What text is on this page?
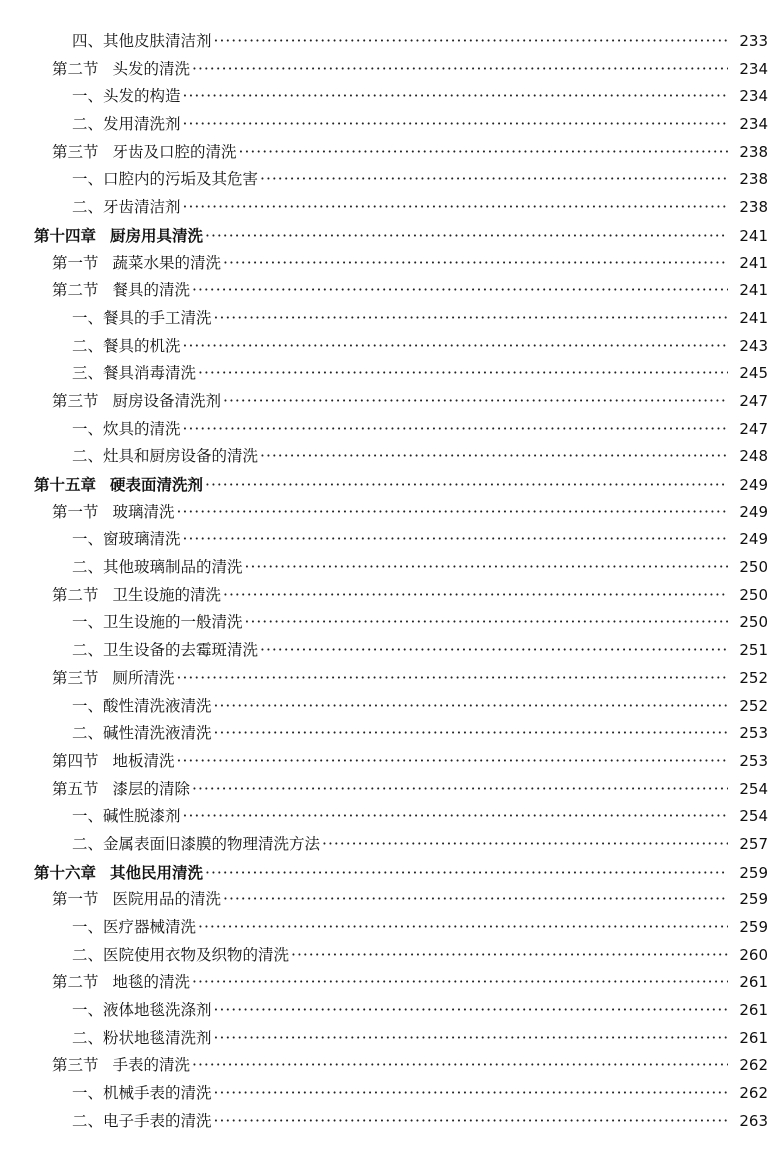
四、其他皮肤清洁剂 ·····	233
第二节 头发的清洗 ·····	234
一、头发的构造 ·····	234
二、发用清洗剂 ·····	234
第三节 牙齿及口腔的清洗 ·····	238
一、口腔内的污垢及其危害 ·····	238
二、牙齿清洁剂 ·····	238
第十四章 厨房用具清洗 ·····	241
第一节 蔬菜水果的清洗 ·····	241
第二节 餐具的清洗 ·····	241
一、餐具的手工清洗 ·····	241
二、餐具的机洗 ·····	243
三、餐具消毒清洗 ·····	245
第三节 厨房设备清洗剂 ·····	247
一、炊具的清洗 ·····	247
二、灶具和厨房设备的清洗 ·····	248
第十五章 硬表面清洗剂 ·····	249
第一节 玻璃清洗 ·····	249
一、窗玻璃清洗 ·····	249
二、其他玻璃制品的清洗 ·····	250
第二节 卫生设施的清洗 ·····	250
一、卫生设施的一般清洗 ·····	250
二、卫生设备的去霉斑清洗 ·····	251
第三节 厕所清洗 ·····	252
一、酸性清洗液清洗 ·····	252
二、碱性清洗液清洗 ·····	253
第四节 地板清洗 ·····	253
第五节 漆层的清除 ·····	254
一、碱性脱漆剂 ·····	254
二、金属表面旧漆膜的物理清洗方法 ·····	257
第十六章 其他民用清洗 ·····	259
第一节 医院用品的清洗 ·····	259
一、医疗器械清洗 ·····	259
二、医院使用衣物及织物的清洗 ·····	260
第二节 地毯的清洗 ·····	261
一、液体地毯洗涤剂 ·····	261
二、粉状地毯清洗剂 ·····	261
第三节 手表的清洗 ·····	262
一、机械手表的清洗 ·····	262
二、电子手表的清洗 ·····	263
